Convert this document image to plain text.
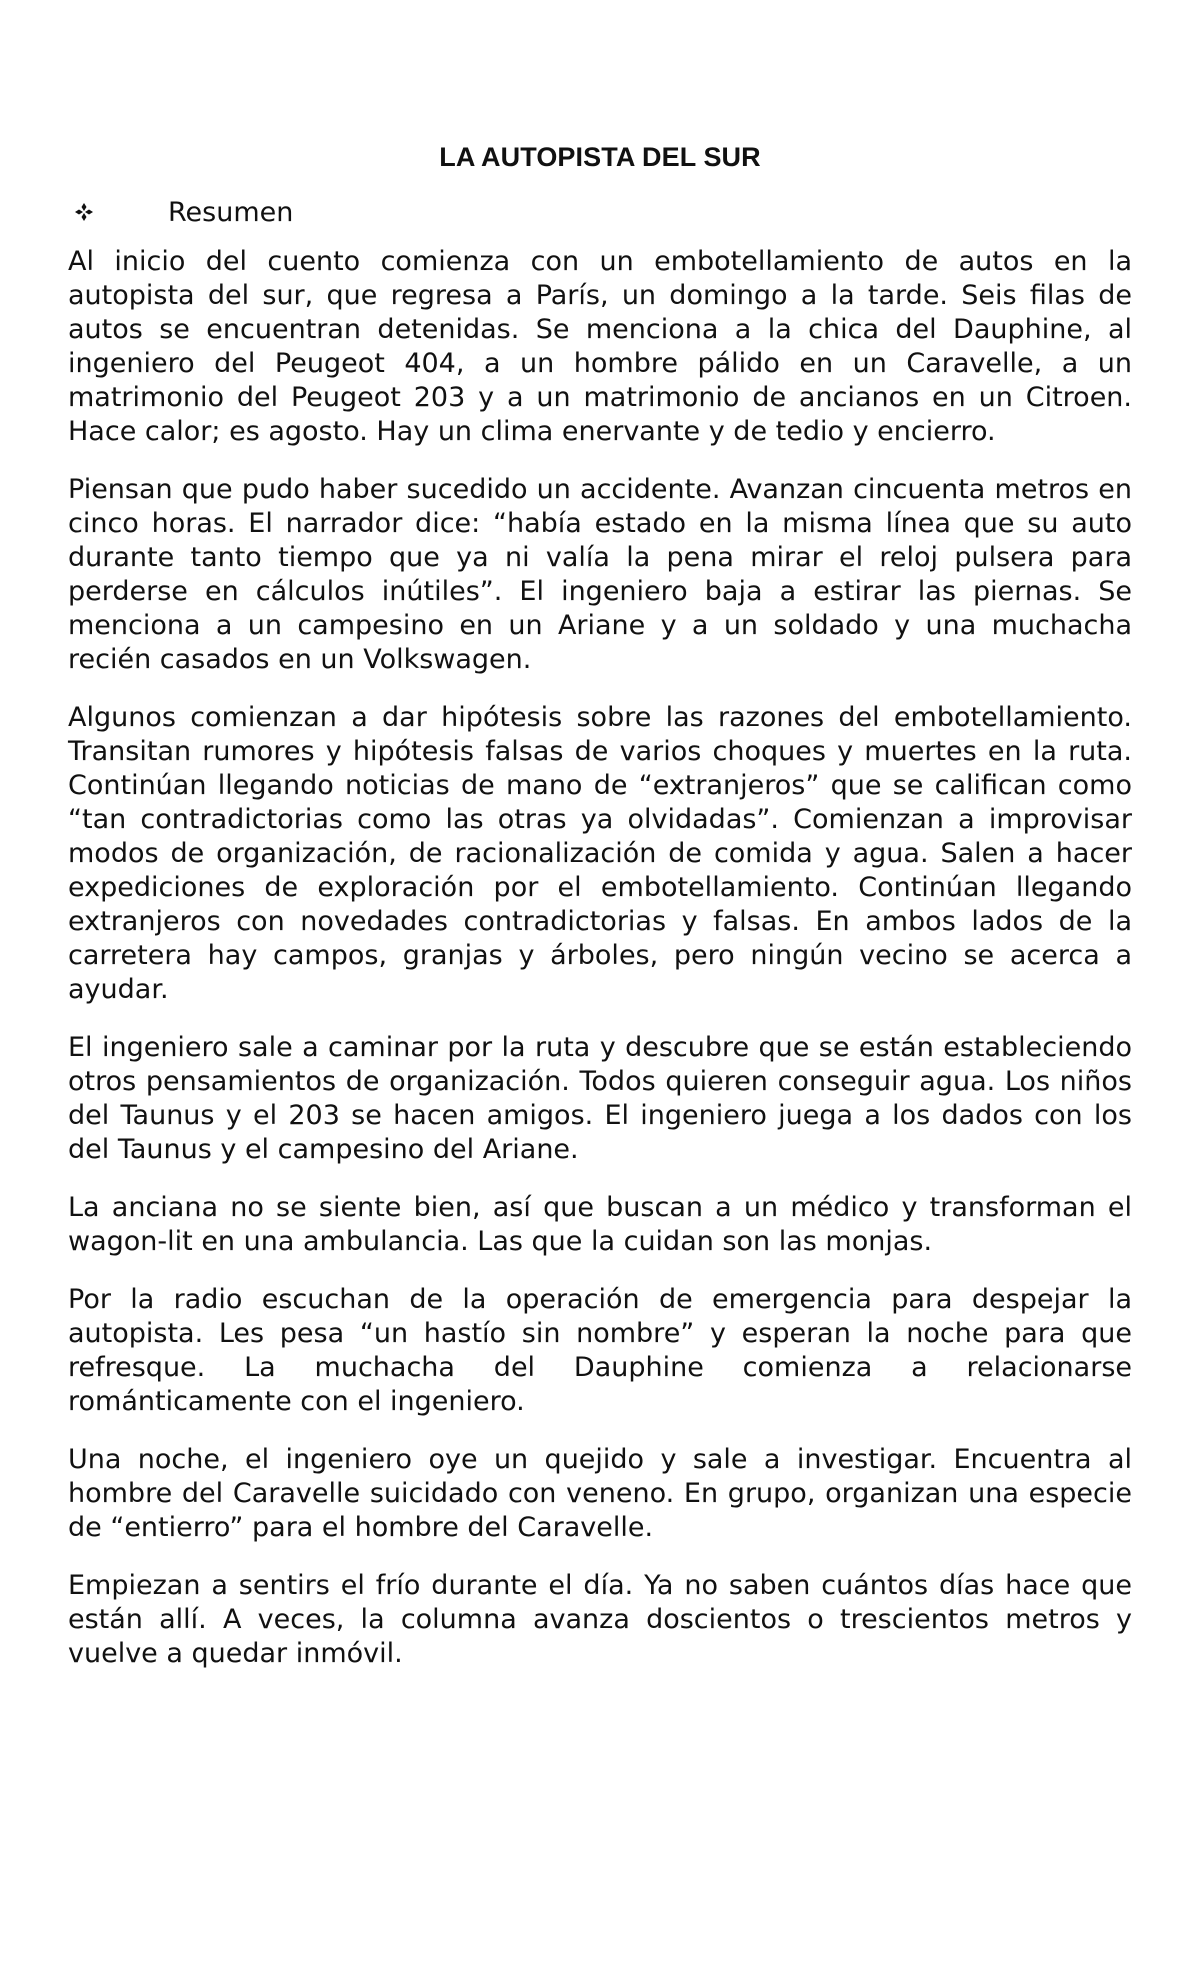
LA AUTOPISTA DEL SUR
Resumen

Al inicio del cuento comienza con un embotellamiento de autos en la autopista del sur, que regresa a París, un domingo a la tarde. Seis filas de autos se encuentran detenidas. Se menciona a la chica del Dauphine, al ingeniero del Peugeot 404, a un hombre pálido en un Caravelle, a un matrimonio del Peugeot 203 y a un matrimonio de ancianos en un Citroen. Hace calor; es agosto. Hay un clima enervante y de tedio y encierro.

Piensan que pudo haber sucedido un accidente. Avanzan cincuenta metros en cinco horas. El narrador dice: “había estado en la misma línea que su auto durante tanto tiempo que ya ni valía la pena mirar el reloj pulsera para perderse en cálculos inútiles”. El ingeniero baja a estirar las piernas. Se menciona a un campesino en un Ariane y a un soldado y una muchacha recién casados en un Volkswagen.

Algunos comienzan a dar hipótesis sobre las razones del embotellamiento. Transitan rumores y hipótesis falsas de varios choques y muertes en la ruta. Continúan llegando noticias de mano de “extranjeros” que se califican como “tan contradictorias como las otras ya olvidadas”. Comienzan a improvisar modos de organización, de racionalización de comida y agua. Salen a hacer expediciones de exploración por el embotellamiento. Continúan llegando extranjeros con novedades contradictorias y falsas. En ambos lados de la carretera hay campos, granjas y árboles, pero ningún vecino se acerca a ayudar.

El ingeniero sale a caminar por la ruta y descubre que se están estableciendo otros pensamientos de organización. Todos quieren conseguir agua. Los niños del Taunus y el 203 se hacen amigos. El ingeniero juega a los dados con los del Taunus y el campesino del Ariane.

La anciana no se siente bien, así que buscan a un médico y transforman el wagon-lit en una ambulancia. Las que la cuidan son las monjas.

Por la radio escuchan de la operación de emergencia para despejar la autopista. Les pesa “un hastío sin nombre” y esperan la noche para que refresque. La muchacha del Dauphine comienza a relacionarse románticamente con el ingeniero.

Una noche, el ingeniero oye un quejido y sale a investigar. Encuentra al hombre del Caravelle suicidado con veneno. En grupo, organizan una especie de “entierro” para el hombre del Caravelle.

Empiezan a sentirs el frío durante el día. Ya no saben cuántos días hace que están allí. A veces, la columna avanza doscientos o trescientos metros y vuelve a quedar inmóvil.
